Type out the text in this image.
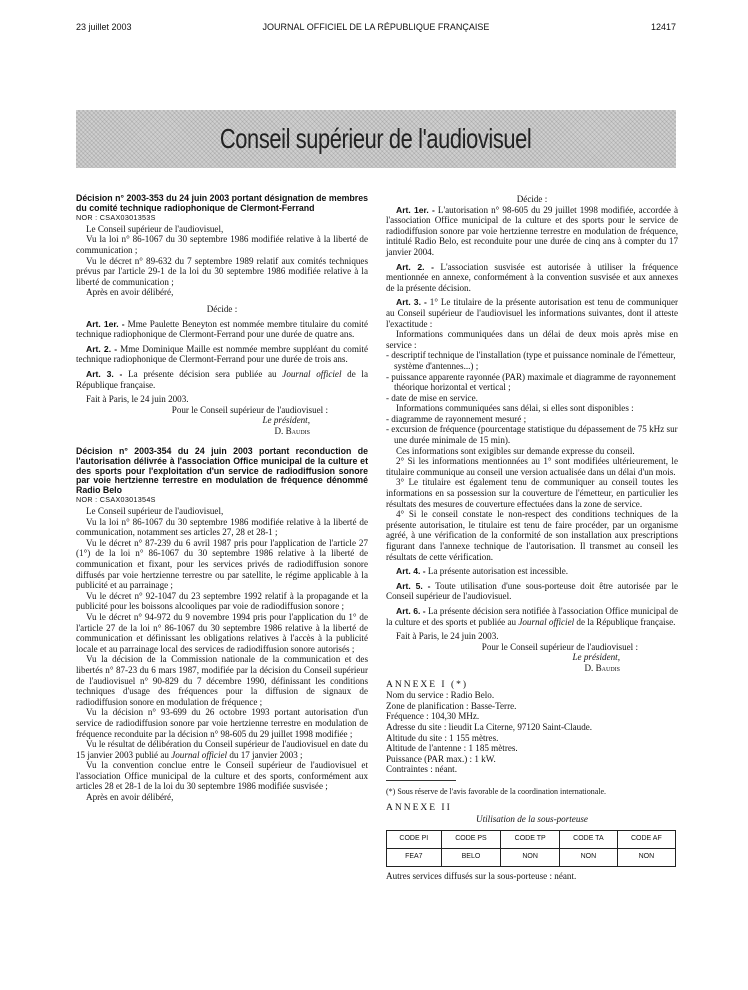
23 juillet 2003	JOURNAL OFFICIEL DE LA RÉPUBLIQUE FRANÇAISE	12417
Conseil supérieur de l'audiovisuel

Décision n° 2003-353 du 24 juin 2003 portant désignation de membres du comité technique radiophonique de Clermont-Ferrand

NOR : CSAX0301353S

Le Conseil supérieur de l'audiovisuel,

Vu la loi n° 86-1067 du 30 septembre 1986 modifiée relative à la liberté de communication ;

Vu le décret n° 89-632 du 7 septembre 1989 relatif aux comités techniques prévus par l'article 29-1 de la loi du 30 septembre 1986 modifiée relative à la liberté de communication ;

Après en avoir délibéré,

Décide :

Art. 1er. - Mme Paulette Beneyton est nommée membre titulaire du comité technique radiophonique de Clermont-Ferrand pour une durée de quatre ans.

Art. 2. - Mme Dominique Maille est nommée membre suppléant du comité technique radiophonique de Clermont-Ferrand pour une durée de trois ans.

Art. 3. - La présente décision sera publiée au Journal officiel de la République française.

Fait à Paris, le 24 juin 2003.

Pour le Conseil supérieur de l'audiovisuel :

Le président,

D. Baudis

Décision n° 2003-354 du 24 juin 2003 portant reconduction de l'autorisation délivrée à l'association Office municipal de la culture et des sports pour l'exploitation d'un service de radiodiffusion sonore par voie hertzienne terrestre en modulation de fréquence dénommé Radio Belo

NOR : CSAX0301354S

Le Conseil supérieur de l'audiovisuel,

Vu la loi n° 86-1067 du 30 septembre 1986 modifiée relative à la liberté de communication, notamment ses articles 27, 28 et 28-1 ;

Vu le décret n° 87-239 du 6 avril 1987 pris pour l'application de l'article 27 (1°) de la loi n° 86-1067 du 30 septembre 1986 relative à la liberté de communication et fixant, pour les services privés de radiodiffusion sonore diffusés par voie hertzienne terrestre ou par satellite, le régime applicable à la publicité et au parrainage ;

Vu le décret n° 92-1047 du 23 septembre 1992 relatif à la propagande et la publicité pour les boissons alcooliques par voie de radiodiffusion sonore ;

Vu le décret n° 94-972 du 9 novembre 1994 pris pour l'application du 1° de l'article 27 de la loi n° 86-1067 du 30 septembre 1986 relative à la liberté de communication et définissant les obligations relatives à l'accès à la publicité locale et au parrainage local des services de radiodiffusion sonore autorisés ;

Vu la décision de la Commission nationale de la communication et des libertés n° 87-23 du 6 mars 1987, modifiée par la décision du Conseil supérieur de l'audiovisuel n° 90-829 du 7 décembre 1990, définissant les conditions techniques d'usage des fréquences pour la diffusion de signaux de radiodiffusion sonore en modulation de fréquence ;

Vu la décision n° 93-699 du 26 octobre 1993 portant autorisation d'un service de radiodiffusion sonore par voie hertzienne terrestre en modulation de fréquence reconduite par la décision n° 98-605 du 29 juillet 1998 modifiée ;

Vu le résultat de délibération du Conseil supérieur de l'audiovisuel en date du 15 janvier 2003 publié au Journal officiel du 17 janvier 2003 ;

Vu la convention conclue entre le Conseil supérieur de l'audiovisuel et l'association Office municipal de la culture et des sports, conformément aux articles 28 et 28-1 de la loi du 30 septembre 1986 modifiée susvisée ;

Après en avoir délibéré,

Décide :

Art. 1er. - L'autorisation n° 98-605 du 29 juillet 1998 modifiée, accordée à l'association Office municipal de la culture et des sports pour le service de radiodiffusion sonore par voie hertzienne terrestre en modulation de fréquence, intitulé Radio Belo, est reconduite pour une durée de cinq ans à compter du 17 janvier 2004.

Art. 2. - L'association susvisée est autorisée à utiliser la fréquence mentionnée en annexe, conformément à la convention susvisée et aux annexes de la présente décision.

Art. 3. - 1° Le titulaire de la présente autorisation est tenu de communiquer au Conseil supérieur de l'audiovisuel les informations suivantes, dont il atteste l'exactitude :

Informations communiquées dans un délai de deux mois après mise en service :

- descriptif technique de l'installation (type et puissance nominale de l'émetteur, système d'antennes...) ;

- puissance apparente rayonnée (PAR) maximale et diagramme de rayonnement théorique horizontal et vertical ;

- date de mise en service.

Informations communiquées sans délai, si elles sont disponibles :

- diagramme de rayonnement mesuré ;

- excursion de fréquence (pourcentage statistique du dépassement de 75 kHz sur une durée minimale de 15 min).

Ces informations sont exigibles sur demande expresse du conseil.

2° Si les informations mentionnées au 1° sont modifiées ultérieurement, le titulaire communique au conseil une version actualisée dans un délai d'un mois.

3° Le titulaire est également tenu de communiquer au conseil toutes les informations en sa possession sur la couverture de l'émetteur, en particulier les résultats des mesures de couverture effectuées dans la zone de service.

4° Si le conseil constate le non-respect des conditions techniques de la présente autorisation, le titulaire est tenu de faire procéder, par un organisme agréé, à une vérification de la conformité de son installation aux prescriptions figurant dans l'annexe technique de l'autorisation. Il transmet au conseil les résultats de cette vérification.

Art. 4. - La présente autorisation est incessible.

Art. 5. - Toute utilisation d'une sous-porteuse doit être autorisée par le Conseil supérieur de l'audiovisuel.

Art. 6. - La présente décision sera notifiée à l'association Office municipal de la culture et des sports et publiée au Journal officiel de la République française.

Fait à Paris, le 24 juin 2003.

Pour le Conseil supérieur de l'audiovisuel :

Le président,

D. Baudis

ANNEXE I (*)

Nom du service : Radio Belo.

Zone de planification : Basse-Terre.

Fréquence : 104,30 MHz.

Adresse du site : lieudit La Citerne, 97120 Saint-Claude.

Altitude du site : 1 155 mètres.

Altitude de l'antenne : 1 185 mètres.

Puissance (PAR max.) : 1 kW.

Contraintes : néant.

(*) Sous réserve de l'avis favorable de la coordination internationale.

ANNEXE II

Utilisation de la sous-porteuse

CODE PI	CODE PS	CODE TP	CODE TA	CODE AF
FEA7	BELO	NON	NON	NON

Autres services diffusés sur la sous-porteuse : néant.
